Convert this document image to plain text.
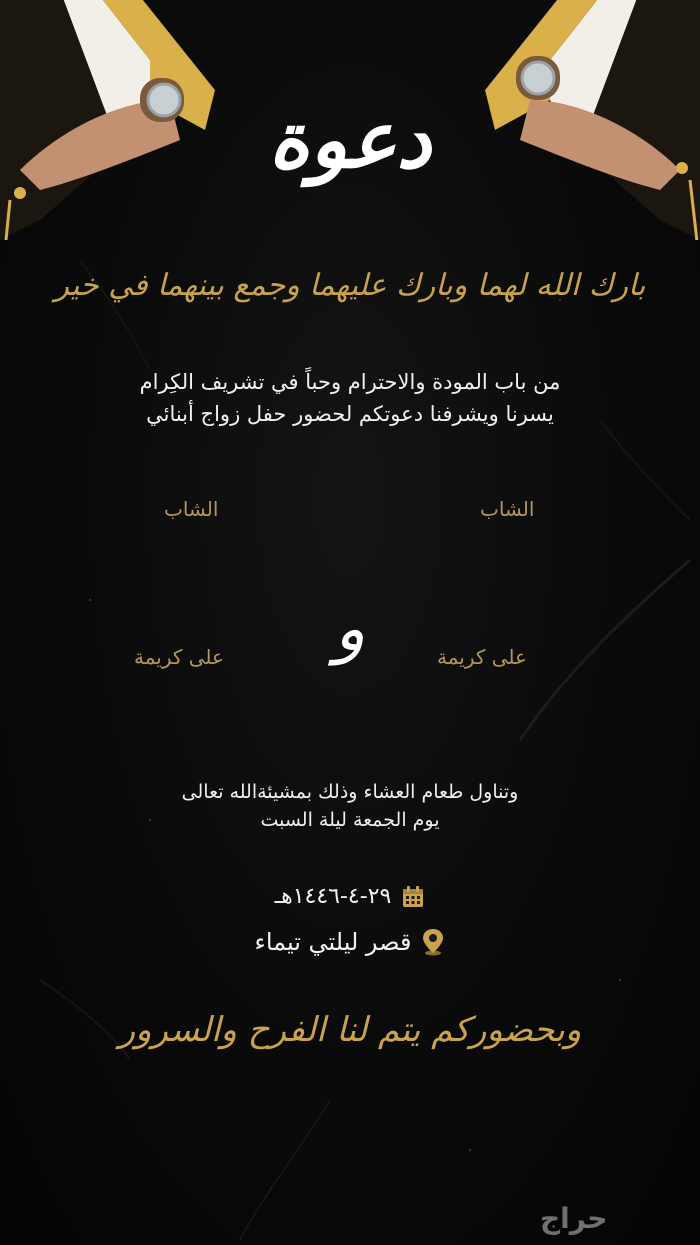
دعوة
بارك الله لهما وبارك عليهما وجمع بينهما في خير
من باب المودة والاحترام وحباً في تشريف الكِرام
يسرنا ويشرفنا دعوتكم لحضور حفل زواج أبنائي
الشاب
الشاب
و	على كريمة
على كريمة
وتناول طعام العشاء وذلك بمشيئةالله تعالى
يوم الجمعة ليلة السبت
٢٩-٤-١٤٤٦هـ
قصر ليلتي تيماء
وبحضوركم يتم لنا الفرح والسرور
حراج
